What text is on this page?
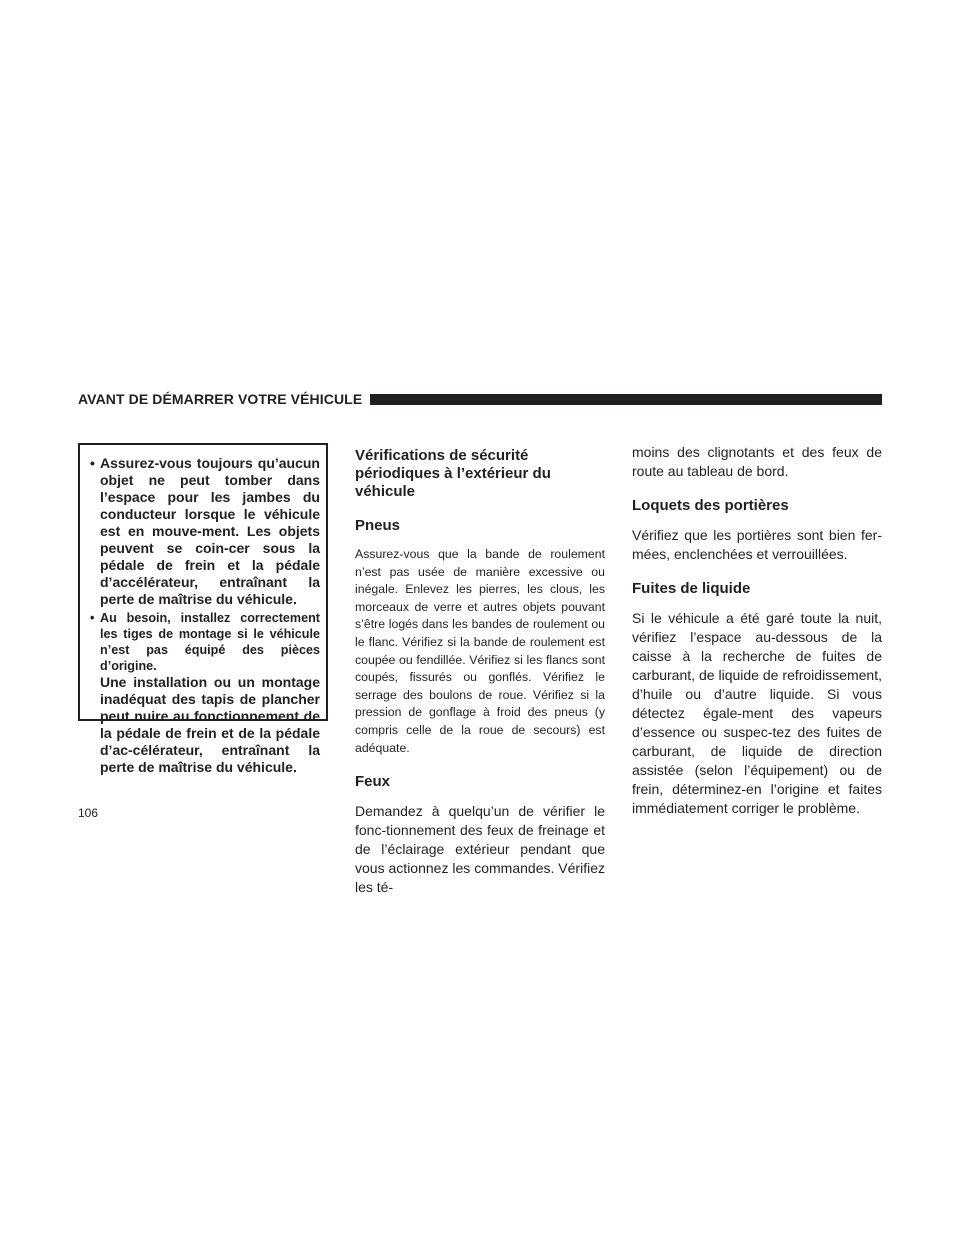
AVANT DE DÉMARRER VOTRE VÉHICULE
• Assurez-vous toujours qu’aucun objet ne peut tomber dans l’espace pour les jambes du conducteur lorsque le véhicule est en mouve-ment. Les objets peuvent se coin-cer sous la pédale de frein et la pédale d’accélérateur, entraînant la perte de maîtrise du véhicule.
• Au besoin, installez correctement les tiges de montage si le véhicule n’est pas équipé des pièces d’origine.

Une installation ou un montage inadéquat des tapis de plancher peut nuire au fonctionnement de la pédale de frein et de la pédale d’ac-célérateur, entraînant la perte de maîtrise du véhicule.

Vérifications de sécurité périodiques à l’extérieur du véhicule
Pneus

Assurez-vous que la bande de roulement n’est pas usée de manière excessive ou inégale. Enlevez les pierres, les clous, les morceaux de verre et autres objets pouvant s’être logés dans les bandes de roulement ou le flanc. Vérifiez si la bande de roulement est coupée ou fendillée. Vérifiez si les flancs sont coupés, fissurés ou gonflés. Vérifiez le serrage des boulons de roue. Vérifiez si la pression de gonflage à froid des pneus (y compris celle de la roue de secours) est adéquate.

Feux

Demandez à quelqu’un de vérifier le fonc-tionnement des feux de freinage et de l’éclairage extérieur pendant que vous actionnez les commandes. Vérifiez les té-

moins des clignotants et des feux de route au tableau de bord.

Loquets des portières

Vérifiez que les portières sont bien fer-mées, enclenchées et verrouillées.

Fuites de liquide

Si le véhicule a été garé toute la nuit, vérifiez l’espace au-dessous de la caisse à la recherche de fuites de carburant, de liquide de refroidissement, d’huile ou d’autre liquide. Si vous détectez égale-ment des vapeurs d’essence ou suspec-tez des fuites de carburant, de liquide de direction assistée (selon l’équipement) ou de frein, déterminez-en l’origine et faites immédiatement corriger le problème.

106
